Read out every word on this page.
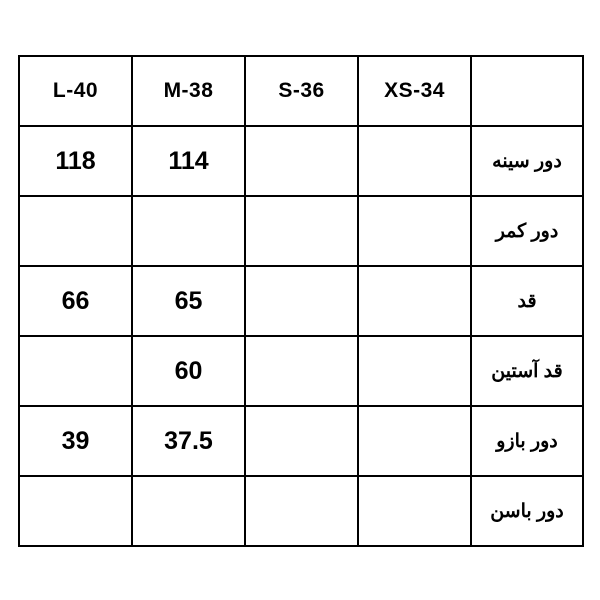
L-40	M-38	S-36	XS-34	
118	114			دور سینه
				دور کمر
66	65			قد
	60			قد آستین
39	37.5			دور بازو
				دور باسن
